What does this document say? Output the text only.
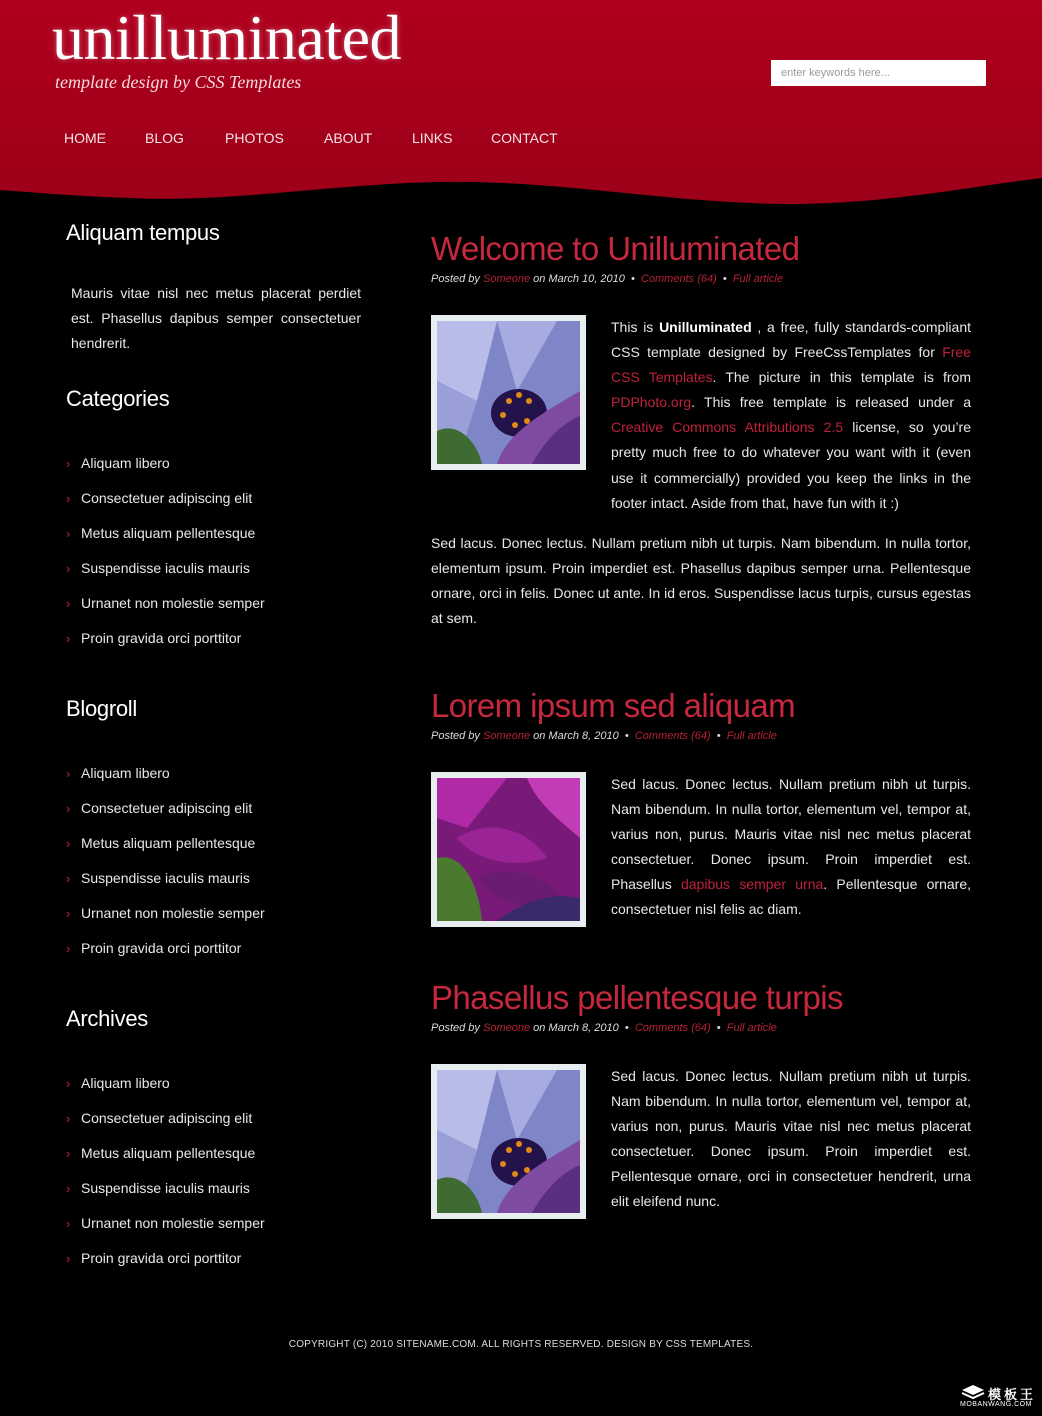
unilluminated
template design by CSS Templates
enter keywords here...
HOME	BLOG	PHOTOS	ABOUT	LINKS	CONTACT
Aliquam tempus

Mauris vitae nisl nec metus placerat perdiet est. Phasellus dapibus semper consectetuer hendrerit.

Categories
› Aliquam libero
› Consectetuer adipiscing elit
› Metus aliquam pellentesque
› Suspendisse iaculis mauris
› Urnanet non molestie semper
› Proin gravida orci porttitor
Blogroll
› Aliquam libero
› Consectetuer adipiscing elit
› Metus aliquam pellentesque
› Suspendisse iaculis mauris
› Urnanet non molestie semper
› Proin gravida orci porttitor
Archives
› Aliquam libero
› Consectetuer adipiscing elit
› Metus aliquam pellentesque
› Suspendisse iaculis mauris
› Urnanet non molestie semper
› Proin gravida orci porttitor
Welcome to Unilluminated
Posted by Someone on March 10, 2010  •  Comments (64)  •  Full article
This is Unilluminated , a free, fully standards-compliant CSS template designed by FreeCssTemplates for Free CSS Templates. The picture in this template is from PDPhoto.org. This free template is released under a Creative Commons Attributions 2.5 license, so you’re pretty much free to do whatever you want with it (even use it commercially) provided you keep the links in the footer intact. Aside from that, have fun with it :)

Sed lacus. Donec lectus. Nullam pretium nibh ut turpis. Nam bibendum. In nulla tortor, elementum ipsum. Proin imperdiet est. Phasellus dapibus semper urna. Pellentesque ornare, orci in felis. Donec ut ante. In id eros. Suspendisse lacus turpis, cursus egestas at sem.

Lorem ipsum sed aliquam
Posted by Someone on March 8, 2010  •  Comments (64)  •  Full article
Sed lacus. Donec lectus. Nullam pretium nibh ut turpis. Nam bibendum. In nulla tortor, elementum vel, tempor at, varius non, purus. Mauris vitae nisl nec metus placerat consectetuer. Donec ipsum. Proin imperdiet est. Phasellus dapibus semper urna. Pellentesque ornare, consectetuer nisl felis ac diam.
Phasellus pellentesque turpis
Posted by Someone on March 8, 2010  •  Comments (64)  •  Full article

Sed lacus. Donec lectus. Nullam pretium nibh ut turpis. Nam bibendum. In nulla tortor, elementum vel, tempor at, varius non, purus. Mauris vitae nisl nec metus placerat consectetuer. Donec ipsum. Proin imperdiet est. Pellentesque ornare, orci in consectetuer hendrerit, urna elit eleifend nunc.

COPYRIGHT (C) 2010 SITENAME.COM. ALL RIGHTS RESERVED. DESIGN BY CSS TEMPLATES.
模板王
MOBANWANG.COM
